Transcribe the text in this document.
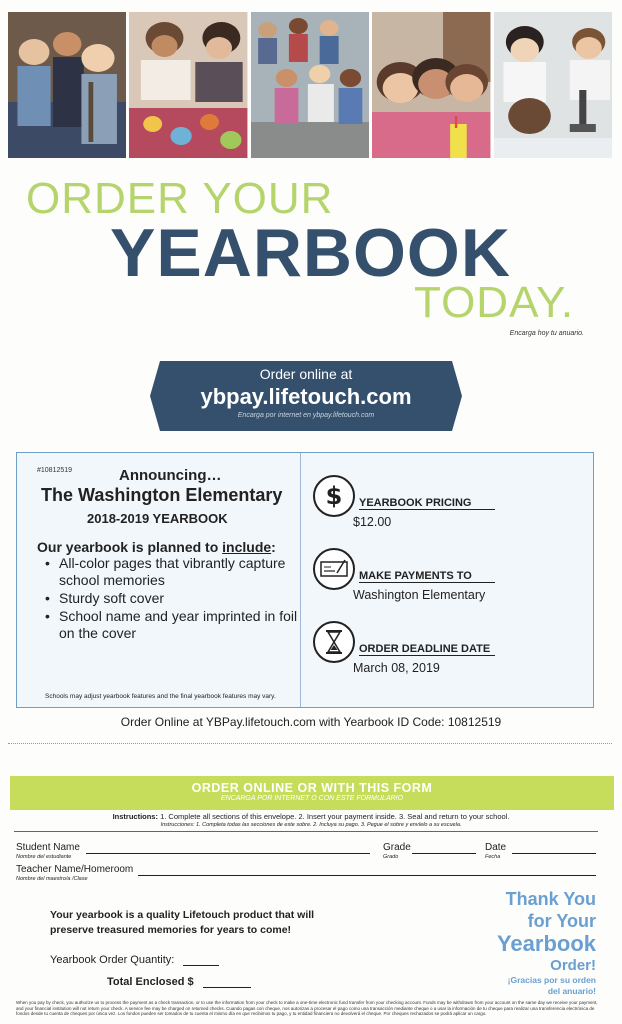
ORDER YOUR
YEARBOOK
TODAY.
Encarga hoy tu anuario.
Order online at
ybpay.lifetouch.com
Encarga por internet en ybpay.lifetouch.com
#10812519	Announcing…
The Washington Elementary
2018-2019 YEARBOOK
Our yearbook is planned to include:
• All-color pages that vibrantly capture school memories
• Sturdy soft cover
• School name and year imprinted in foil on the cover
Schools may adjust yearbook features and the final yearbook features may vary.
$ YEARBOOK PRICING
$12.00
MAKE PAYMENTS TO
Washington Elementary
ORDER DEADLINE DATE
March 08, 2019
Order Online at YBPay.lifetouch.com with Yearbook ID Code: 10812519
ORDER ONLINE OR WITH THIS FORM
ENCARGA POR INTERNET O CON ESTE FORMULARIO
Instructions: 1. Complete all sections of this envelope. 2. Insert your payment inside. 3. Seal and return to your school.
Instrucciones: 1. Completa todas las secciones de este sobre. 2. Incluya su pago. 3. Pegue el sobre y envíelo a su escuela.
Student Name
Nombre del estudiante
Grade
Grado
Date
Fecha
Teacher Name/Homeroom
Nombre del maestro/a /Clase
Your yearbook is a quality Lifetouch product that will preserve treasured memories for years to come!
Yearbook Order Quantity:
Total Enclosed $
Thank You
for Your
Yearbook
Order!
¡Gracias por su orden
del anuario!
When you pay by check, you authorize us to process the payment as a check transaction, or to use the information from your check to make a one-time electronic fund transfer from your checking account. Funds may be withdrawn from your account on the same day we receive your payment, and your financial institution will not return your check. A service fee may be charged on returned checks. Cuando pagas con cheque, nos autorizas a procesar el pago como una transacción mediante cheque o a usar la información de tu cheque para realizar una transferencia electrónica de fondos desde tu cuenta de cheques por única vez. Los fondos pueden ser tomados de tu cuenta el mismo día en que recibimos tu pago, y tu entidad financiera no devolverá el cheque. Por cheques rechazados se podrá aplicar un cargo.
